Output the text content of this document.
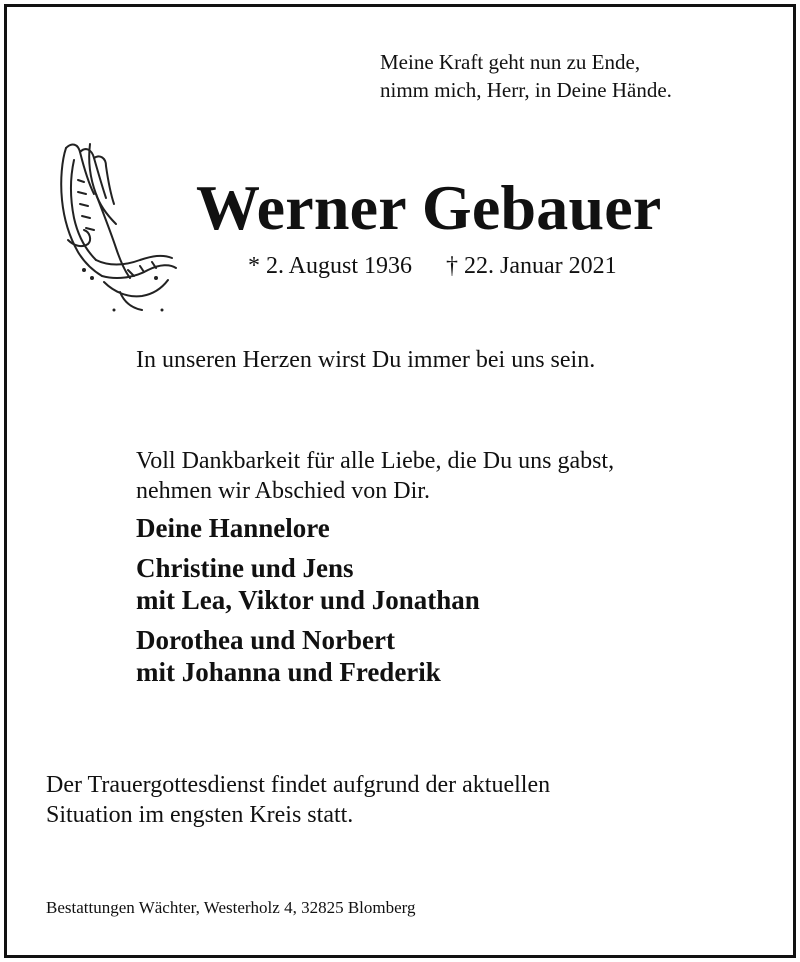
Meine Kraft geht nun zu Ende,
nimm mich, Herr, in Deine Hände.
Werner Gebauer
* 2. August 1936 † 22. Januar 2021

In unseren Herzen wirst Du immer bei uns sein.

Voll Dankbarkeit für alle Liebe, die Du uns gabst,
nehmen wir Abschied von Dir.
Deine Hannelore
Christine und Jens
mit Lea, Viktor und Jonathan
Dorothea und Norbert
mit Johanna und Frederik
Der Trauergottesdienst findet aufgrund der aktuellen
Situation im engsten Kreis statt.

Bestattungen Wächter, Westerholz 4, 32825 Blomberg
